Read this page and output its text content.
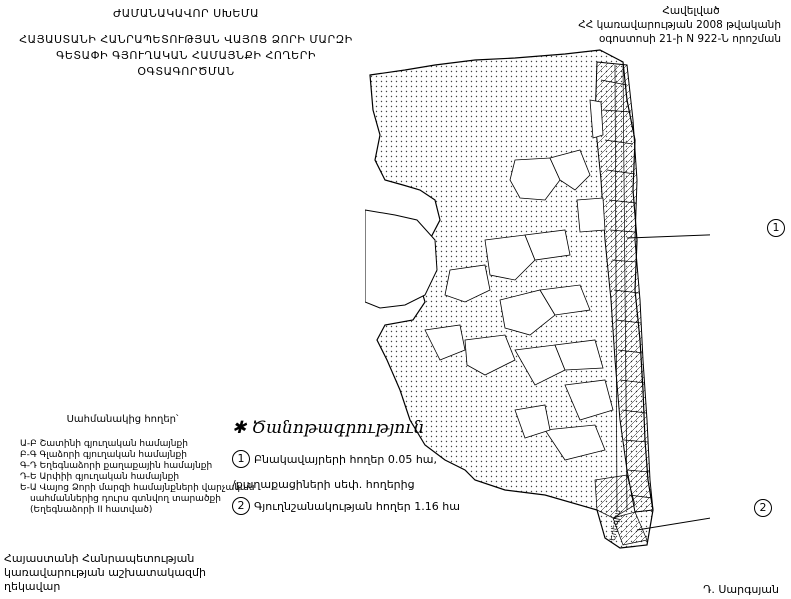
ԺԱՄԱՆԱԿԱՎՈՐ ՍԽԵՄԱ
ՀԱՅԱՍՏԱՆԻ ՀԱՆՐԱՊԵՏՈՒԹՅԱՆ ՎԱՅՈՑ ՁՈՐԻ ՄԱՐԶԻ
ԳԵՏԱՓԻ ԳՅՈՒՂԱԿԱՆ ՀԱՄԱՅՆՔԻ ՀՈՂԵՐԻ
ՕԳՏԱԳՈՐԾՄԱՆ
Հավելված
ՀՀ կառավարության 2008 թվականի
օգոստոսի 21-ի N 922-Ն որոշման
1
2
Եղեգիս
Սահմանակից հողեր՝
Ա-Բ Շատինի գյուղական համայնքի
Բ-Գ Գլաձորի գյուղական համայնքի
Գ-Դ Եղեգնաձորի քաղաքային համայնքի
Դ-Ե Արփիի գյուղական համայնքի
Ե-Ա Վայոց Ձորի մարզի համայնքների վարչական
սահմաններից դուրս գտնվող տարածքի
(Եղեգնաձորի II հատված)
✱ Ծանոթագրություն
1 Բնակավայրերի հողեր 0.05 հա,
/քաղաքացիների սեփ. հողերից
2 Գյուղնշանակության հողեր 1.16 հա
Հայաստանի Հանրապետության
կառավարության աշխատակազմի
ղեկավար	Դ. Սարգսյան
